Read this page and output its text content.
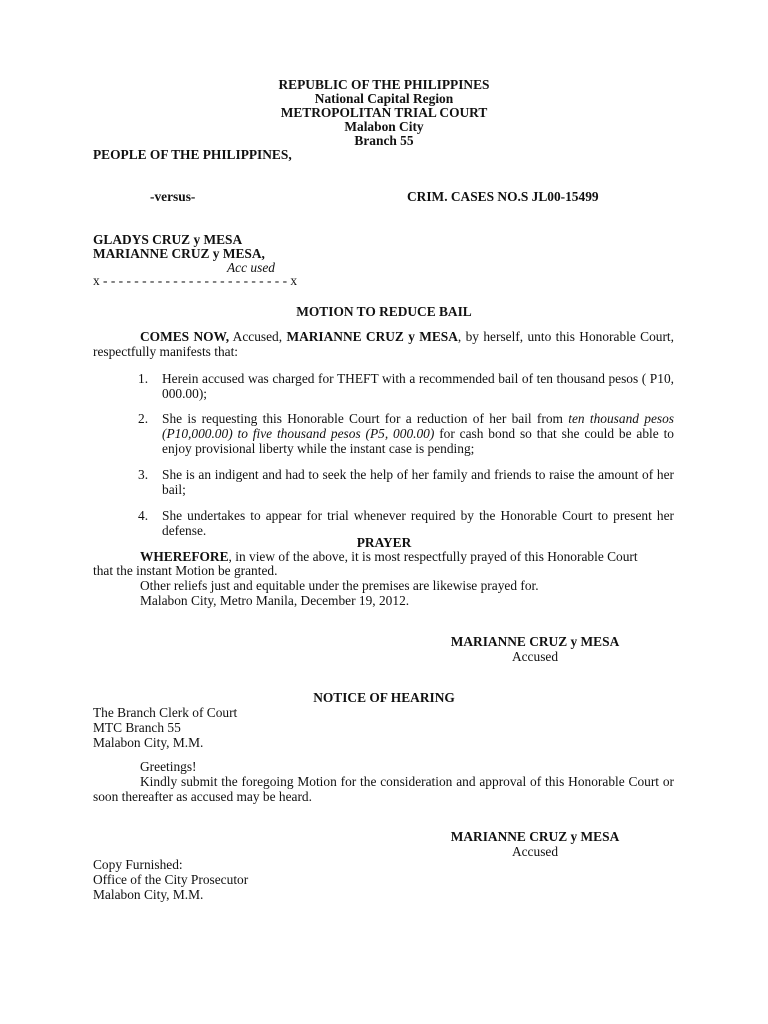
REPUBLIC OF THE PHILIPPINES
National Capital Region
METROPOLITAN TRIAL COURT
Malabon City
Branch 55
PEOPLE OF THE PHILIPPINES,
-versus-	CRIM. CASES NO.S JL00-15499
GLADYS CRUZ y MESA
MARIANNE CRUZ y MESA,
Acc used
x - - - - - - - - - - - - - - - - - - - - - - - - x
MOTION TO REDUCE BAIL
COMES NOW, Accused, MARIANNE CRUZ y MESA, by herself, unto this Honorable Court, respectfully manifests that:
1.	Herein accused was charged for THEFT with a recommended bail of ten thousand pesos ( P10, 000.00);
2.	She is requesting this Honorable Court for a reduction of her bail from ten thousand pesos (P10,000.00) to five thousand pesos (P5, 000.00) for cash bond so that she could be able to enjoy provisional liberty while the instant case is pending;
3.	She is an indigent and had to seek the help of her family and friends to raise the amount of her bail;
4.	She undertakes to appear for trial whenever required by the Honorable Court to present her defense.
PRAYER
WHEREFORE, in view of the above, it is most respectfully prayed of this Honorable Court
that the instant Motion be granted.
Other reliefs just and equitable under the premises are likewise prayed for.
Malabon City, Metro Manila, December 19, 2012.
MARIANNE CRUZ y MESA
Accused
NOTICE OF HEARING
The Branch Clerk of Court
MTC Branch 55
Malabon City, M.M.
Greetings!
Kindly submit the foregoing Motion for the consideration and approval of this Honorable Court or soon thereafter as accused may be heard.
MARIANNE CRUZ y MESA
Accused
Copy Furnished:
Office of the City Prosecutor
Malabon City, M.M.
